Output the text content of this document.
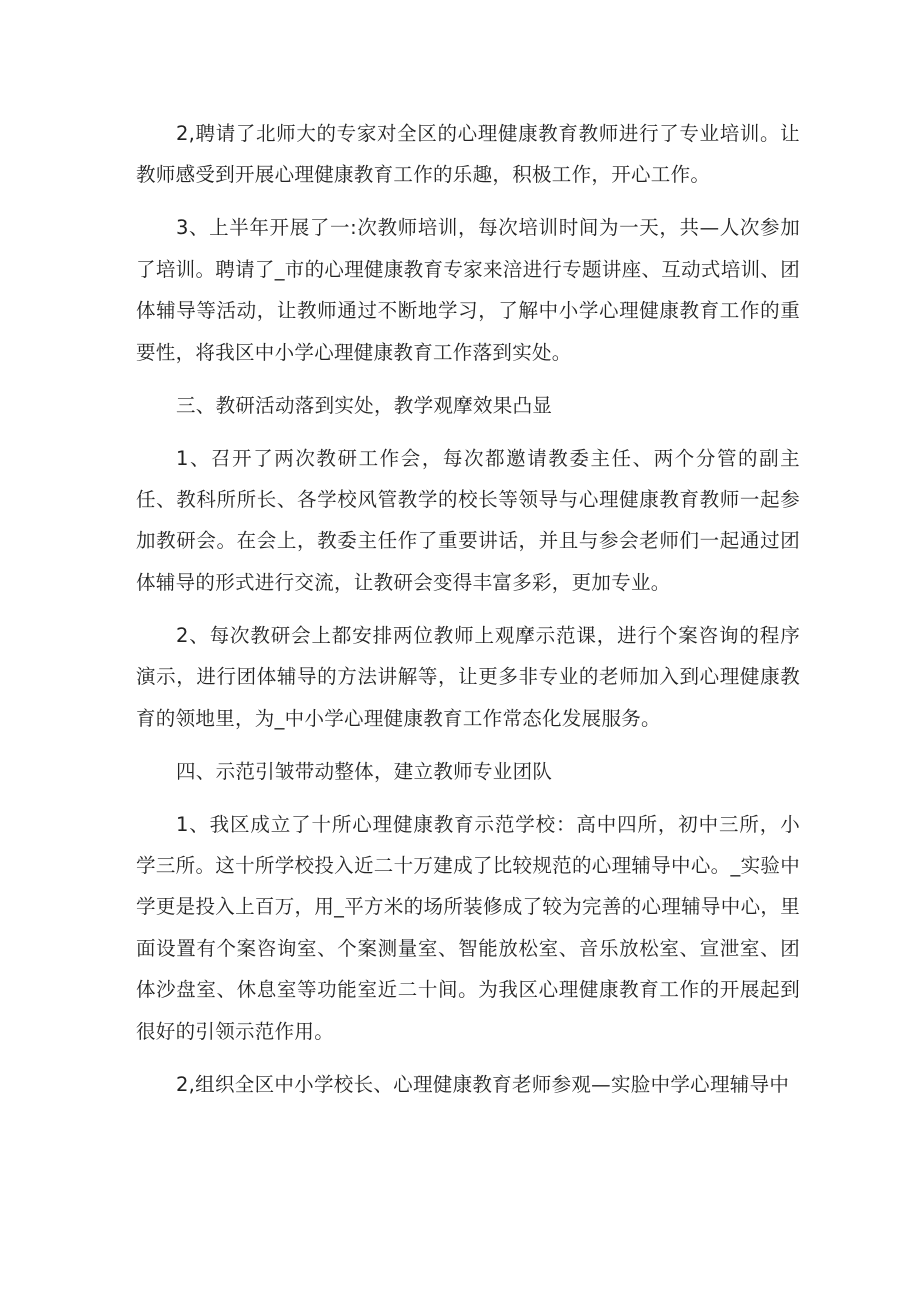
2,聘请了北师大的专家对全区的心理健康教育教师进行了专业培训。让教师感受到开展心理健康教育工作的乐趣，积极工作，开心工作。

3、上半年开展了一:次教师培训，每次培训时间为一天，共—人次参加了培训。聘请了_市的心理健康教育专家来涪进行专题讲座、互动式培训、团体辅导等活动，让教师通过不断地学习，了解中小学心理健康教育工作的重要性，将我区中小学心理健康教育工作落到实处。

三、教研活动落到实处，教学观摩效果凸显

1、召开了两次教研工作会，每次都邀请教委主任、两个分管的副主任、教科所所长、各学校风管教学的校长等领导与心理健康教育教师一起参加教研会。在会上，教委主任作了重要讲话，并且与参会老师们一起通过团体辅导的形式进行交流，让教研会变得丰富多彩，更加专业。

2、每次教研会上都安排两位教师上观摩示范课，进行个案咨询的程序演示，进行团体辅导的方法讲解等，让更多非专业的老师加入到心理健康教育的领地里，为_中小学心理健康教育工作常态化发展服务。

四、示范引皱带动整体，建立教师专业团队

1、我区成立了十所心理健康教育示范学校：高中四所，初中三所，小学三所。这十所学校投入近二十万建成了比较规范的心理辅导中心。_实验中学更是投入上百万，用_平方米的场所装修成了较为完善的心理辅导中心，里面设置有个案咨询室、个案测量室、智能放松室、音乐放松室、宣泄室、团体沙盘室、休息室等功能室近二十间。为我区心理健康教育工作的开展起到很好的引领示范作用。

2,组织全区中小学校长、心理健康教育老师参观—实脸中学心理辅导中
